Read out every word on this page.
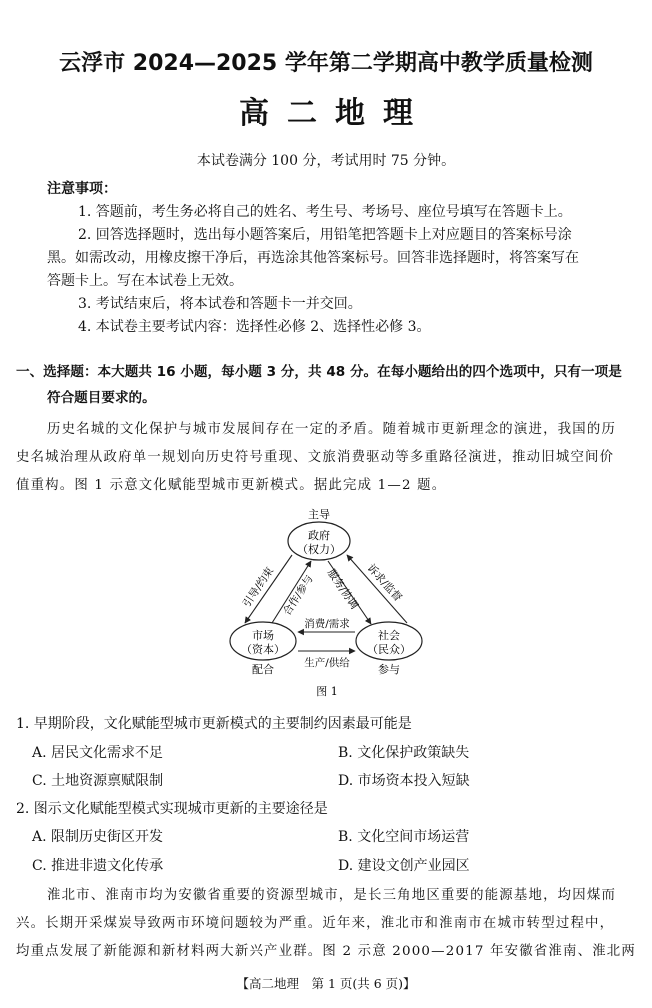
云浮市 2024—2025 学年第二学期高中教学质量检测
高二地理
本试卷满分 100 分，考试用时 75 分钟。
注意事项：
1. 答题前，考生务必将自己的姓名、考生号、考场号、座位号填写在答题卡上。
2. 回答选择题时，选出每小题答案后，用铅笔把答题卡上对应题目的答案标号涂
黑。如需改动，用橡皮擦干净后，再选涂其他答案标号。回答非选择题时，将答案写在
答题卡上。写在本试卷上无效。
3. 考试结束后，将本试卷和答题卡一并交回。
4. 本试卷主要考试内容：选择性必修 2、选择性必修 3。
一、选择题：本大题共 16 小题，每小题 3 分，共 48 分。在每小题给出的四个选项中，只有一项是
符合题目要求的。
历史名城的文化保护与城市发展间存在一定的矛盾。随着城市更新理念的演进，我国的历
史名城治理从政府单一规划向历史符号重现、文旅消费驱动等多重路径演进，推动旧城空间价
值重构。图 1 示意文化赋能型城市更新模式。据此完成 1—2 题。
主导
政府
（权力）
市场
（资本）
配合
社会
（民众）
参与
引导/约束 合作/参与 服务/协调 诉求/监督
消费/需求
生产/供给
图 1
1. 早期阶段，文化赋能型城市更新模式的主要制约因素最可能是
A. 居民文化需求不足	B. 文化保护政策缺失
C. 土地资源禀赋限制	D. 市场资本投入短缺
2. 图示文化赋能型模式实现城市更新的主要途径是
A. 限制历史街区开发	B. 文化空间市场运营
C. 推进非遗文化传承	D. 建设文创产业园区
淮北市、淮南市均为安徽省重要的资源型城市，是长三角地区重要的能源基地，均因煤而
兴。长期开采煤炭导致两市环境问题较为严重。近年来，淮北市和淮南市在城市转型过程中，
均重点发展了新能源和新材料两大新兴产业群。图 2 示意 2000—2017 年安徽省淮南、淮北两
【高二地理　第 1 页(共 6 页)】
